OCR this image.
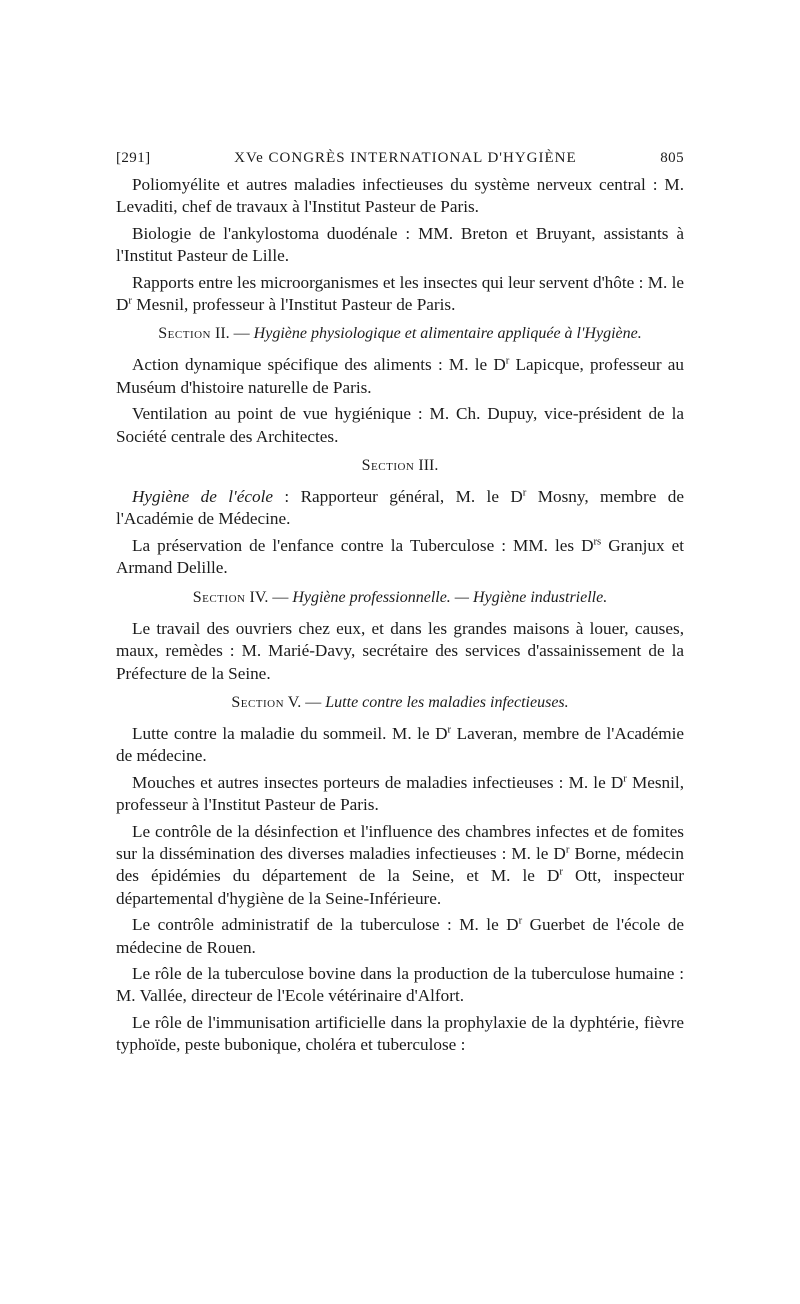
[291]	XVe CONGRÈS INTERNATIONAL D'HYGIÈNE	805
Poliomyélite et autres maladies infectieuses du système nerveux central : M. Levaditi, chef de travaux à l'Institut Pasteur de Paris.
Biologie de l'ankylostoma duodénale : MM. Breton et Bruyant, assistants à l'Institut Pasteur de Lille.
Rapports entre les microorganismes et les insectes qui leur servent d'hôte : M. le $D^r$ Mesnil, professeur à l'Institut Pasteur de Paris.
Section II. — Hygiène physiologique et alimentaire appliquée à l'Hygiène.
Action dynamique spécifique des aliments : M. le $D^r$ Lapicque, professeur au Muséum d'histoire naturelle de Paris.
Ventilation au point de vue hygiénique : M. Ch. Dupuy, vice-président de la Société centrale des Architectes.
Section III.
Hygiène de l'école : Rapporteur général, M. le $D^r$ Mosny, membre de l'Académie de Médecine.
La préservation de l'enfance contre la Tuberculose : MM. les $D^{rs}$ Granjux et Armand Delille.
Section IV. — Hygiène professionnelle. — Hygiène industrielle.
Le travail des ouvriers chez eux, et dans les grandes maisons à louer, causes, maux, remèdes : M. Marié-Davy, secrétaire des services d'assainissement de la Préfecture de la Seine.
Section V. — Lutte contre les maladies infectieuses.
Lutte contre la maladie du sommeil. M. le $D^r$ Laveran, membre de l'Académie de médecine.
Mouches et autres insectes porteurs de maladies infectieuses : M. le $D^r$ Mesnil, professeur à l'Institut Pasteur de Paris.
Le contrôle de la désinfection et l'influence des chambres infectes et de fomites sur la dissémination des diverses maladies infectieuses : M. le $D^r$ Borne, médecin des épidémies du département de la Seine, et M. le $D^r$ Ott, inspecteur départemental d'hygiène de la Seine-Inférieure.
Le contrôle administratif de la tuberculose : M. le $D^r$ Guerbet de l'école de médecine de Rouen.
Le rôle de la tuberculose bovine dans la production de la tuberculose humaine : M. Vallée, directeur de l'Ecole vétérinaire d'Alfort.
Le rôle de l'immunisation artificielle dans la prophylaxie de la dyphtérie, fièvre typhoïde, peste bubonique, choléra et tuberculose :
